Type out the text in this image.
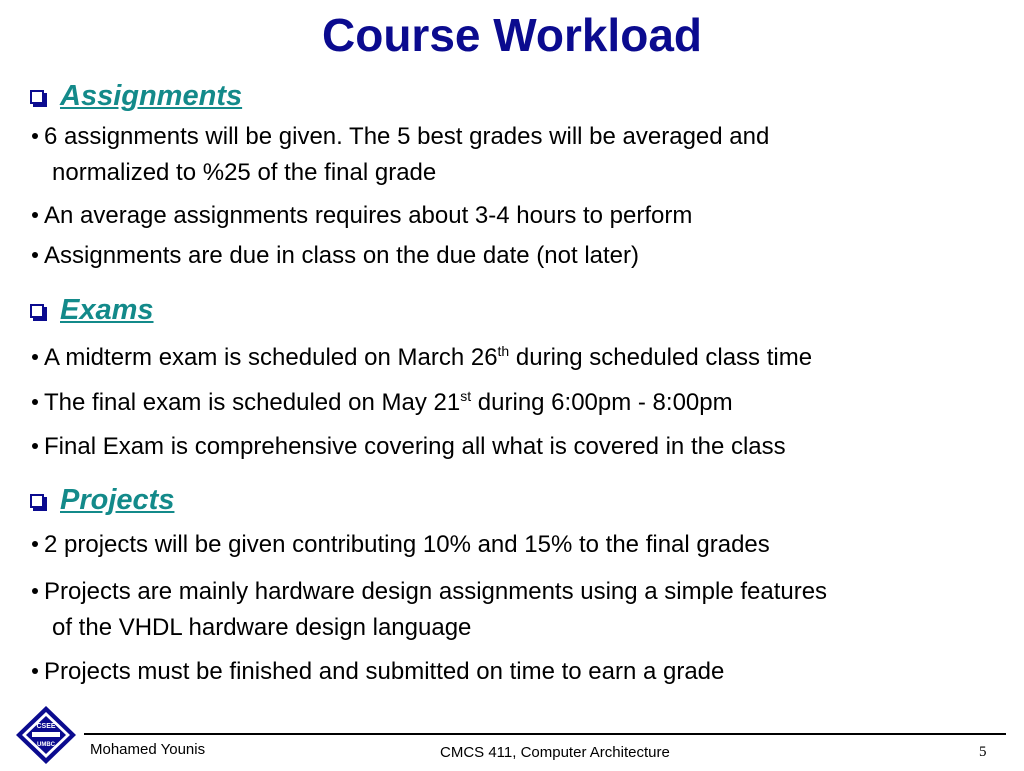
Course Workload
Assignments
6 assignments will be given. The 5 best grades will be averaged and
normalized to %25 of the final grade
An average assignments requires about 3-4 hours to perform
Assignments are due in class on the due date (not later)
Exams
A midterm exam is scheduled on March 26th during scheduled class time
The final exam is scheduled on May 21st during 6:00pm - 8:00pm
Final Exam is comprehensive covering all what is covered in the class
Projects
2 projects will be given contributing 10% and 15% to the final grades
Projects are mainly hardware design assignments using a simple features
of the VHDL hardware design language
Projects must be finished and submitted on time to earn a grade
CSEE
UMBC Mohamed Younis	CMCS 411, Computer Architecture	5
